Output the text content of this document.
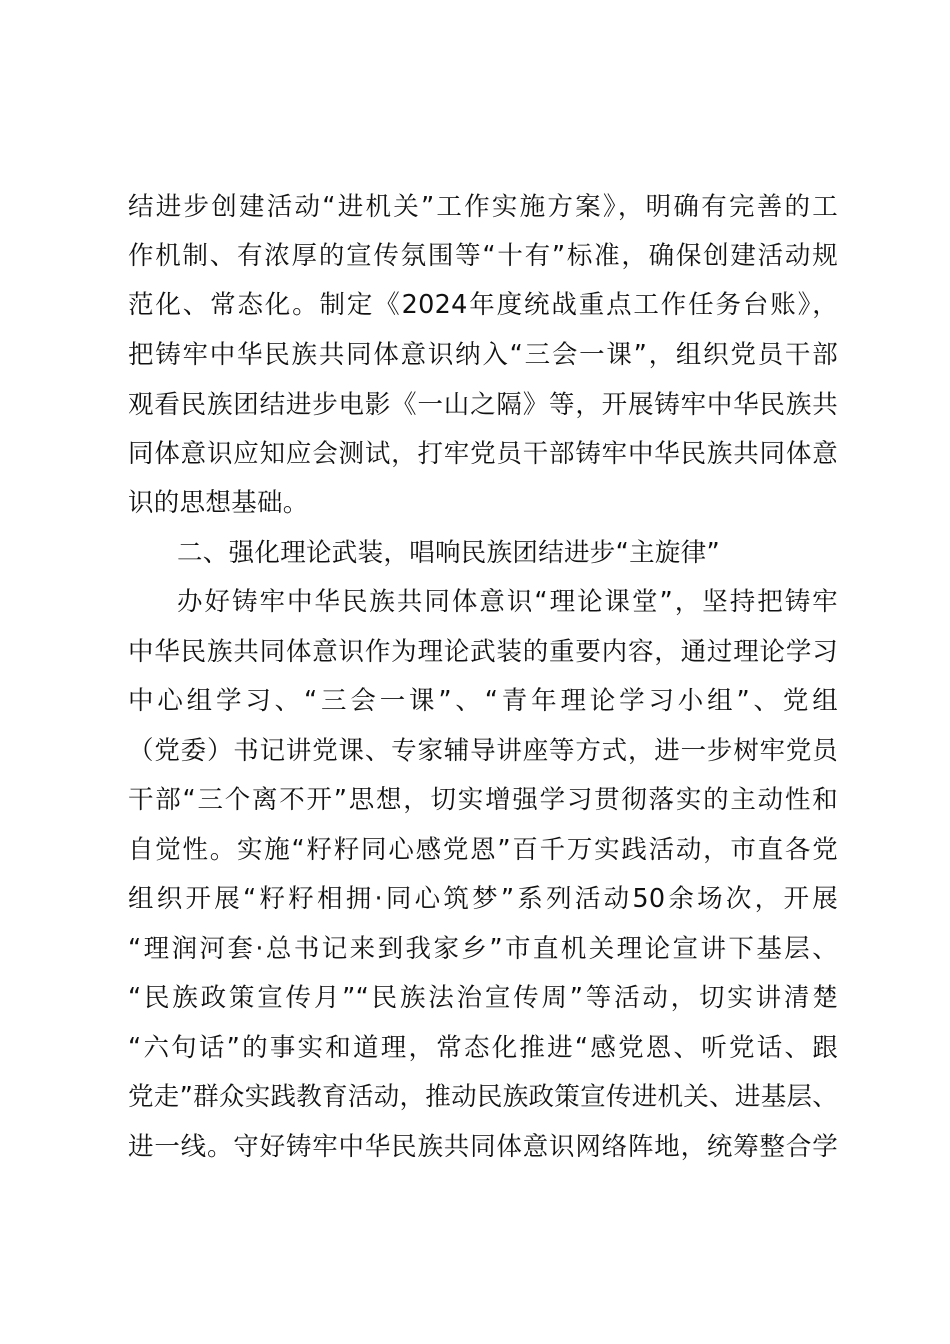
结进步创建活动“进机关”工作实施方案》，明确有完善的工
作机制、有浓厚的宣传氛围等“十有”标准，确保创建活动规
范化、常态化。制定《2024年度统战重点工作任务台账》，
把铸牢中华民族共同体意识纳入“三会一课”，组织党员干部
观看民族团结进步电影《一山之隔》等，开展铸牢中华民族共
同体意识应知应会测试，打牢党员干部铸牢中华民族共同体意
识的思想基础。
二、强化理论武装，唱响民族团结进步“主旋律”
办好铸牢中华民族共同体意识“理论课堂”，坚持把铸牢
中华民族共同体意识作为理论武装的重要内容，通过理论学习
中心组学习、“三会一课”、“青年理论学习小组”、党组
（党委）书记讲党课、专家辅导讲座等方式，进一步树牢党员
干部“三个离不开”思想，切实增强学习贯彻落实的主动性和
自觉性。实施“籽籽同心感党恩”百千万实践活动，市直各党
组织开展“籽籽相拥·同心筑梦”系列活动50余场次，开展
“理润河套·总书记来到我家乡”市直机关理论宣讲下基层、
“民族政策宣传月”“民族法治宣传周”等活动，切实讲清楚
“六句话”的事实和道理，常态化推进“感党恩、听党话、跟
党走”群众实践教育活动，推动民族政策宣传进机关、进基层、
进一线。守好铸牢中华民族共同体意识网络阵地，统筹整合学
